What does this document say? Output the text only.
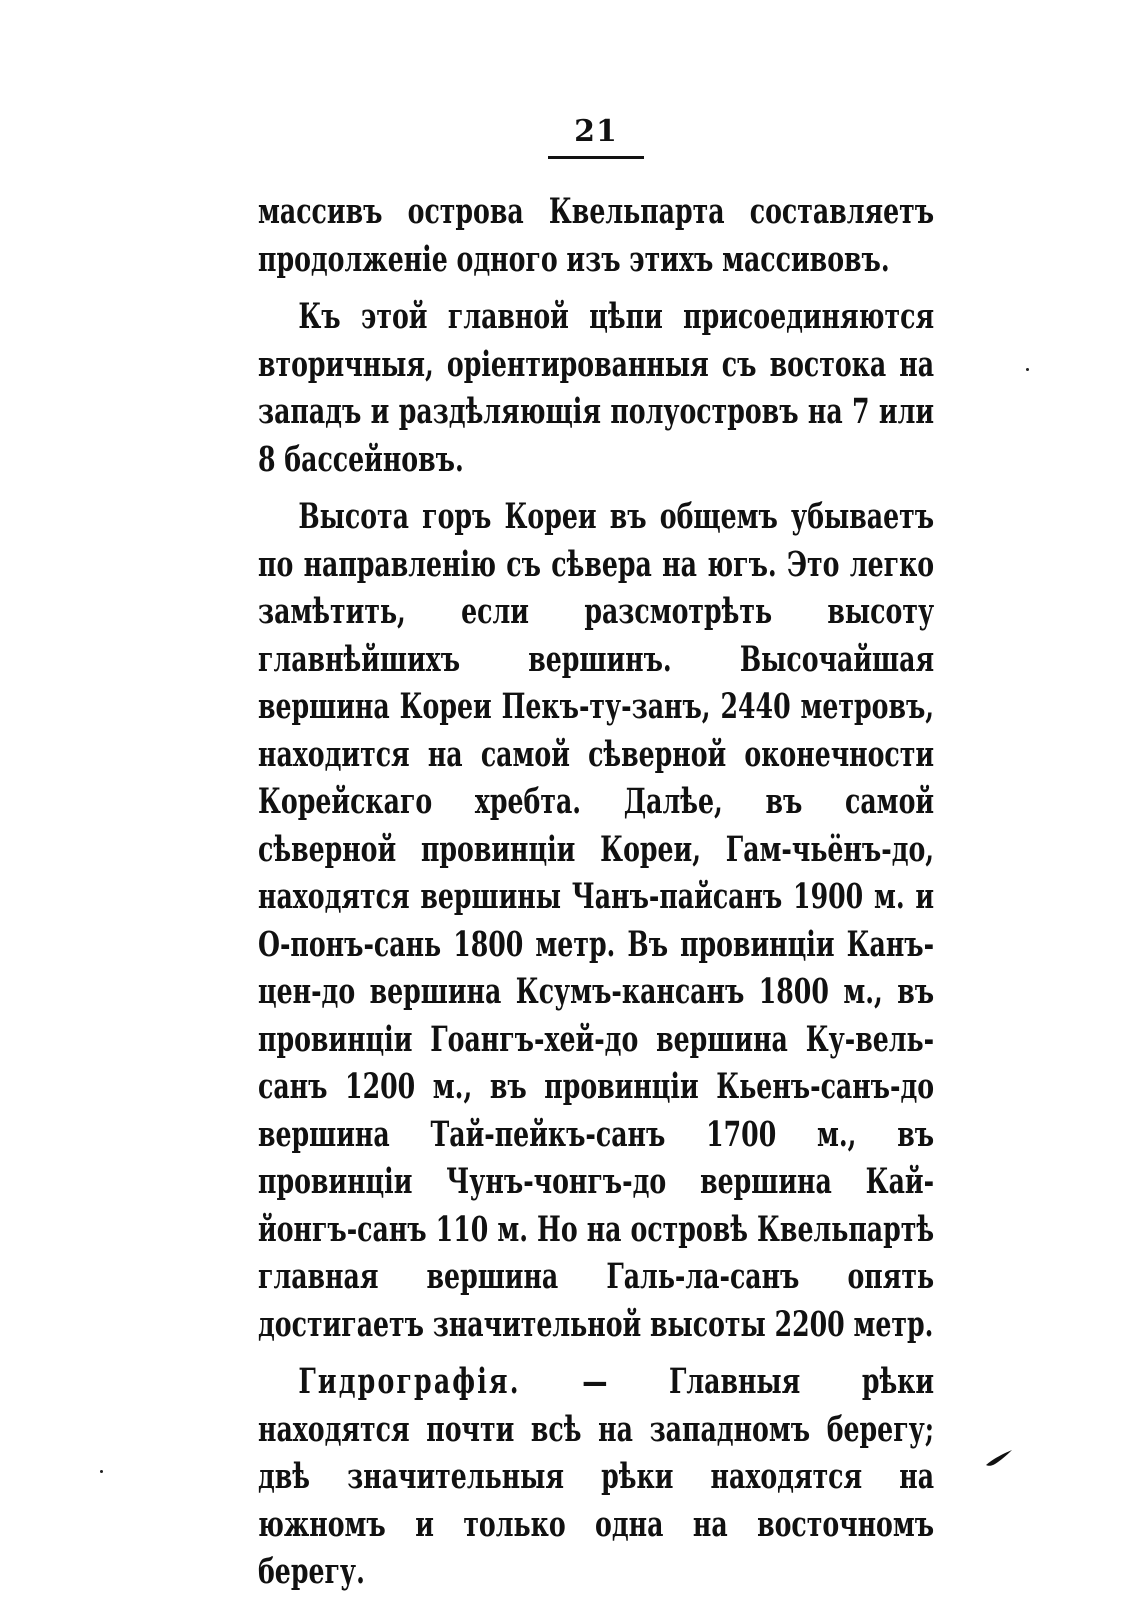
21

массивъ острова Квельпарта составляетъ продолженіе одного изъ этихъ массивовъ.

Къ этой главной цѣпи присоединяются вторичныя, оріентированныя съ востока на западъ и раздѣляющія полуостровъ на 7 или 8 бассейновъ.

Высота горъ Кореи въ общемъ убываетъ по направленію съ сѣвера на югъ. Это легко замѣтить, если разсмотрѣть высоту главнѣйшихъ вершинъ. Высочайшая вершина Кореи Пекъ-ту-занъ, 2440 метровъ, находится на самой сѣверной оконечности Корейскаго хребта. Далѣе, въ самой сѣверной провинціи Кореи, Гам-чьёнъ-до, находятся вершины Чанъ-пайсанъ 1900 м. и О-понъ-сань 1800 метр. Въ провинціи Канъ-цен-до вершина Ксумъ-кансанъ 1800 м., въ провинціи Гоангъ-хей-до вершина Ку-вель-санъ 1200 м., въ провинціи Кьенъ-санъ-до вершина Тай-пейкъ-санъ 1700 м., въ провинціи Чунъ-чонгъ-до вершина Кай-йонгъ-санъ 110 м. Но на островѣ Квельпартѣ главная вершина Галь-ла-санъ опять достигаетъ значительной высоты 2200 метр.

Гидрографія. — Главныя рѣки находятся почти всѣ на западномъ берегу; двѣ значительныя рѣки находятся на южномъ и только одна на восточномъ берегу.
